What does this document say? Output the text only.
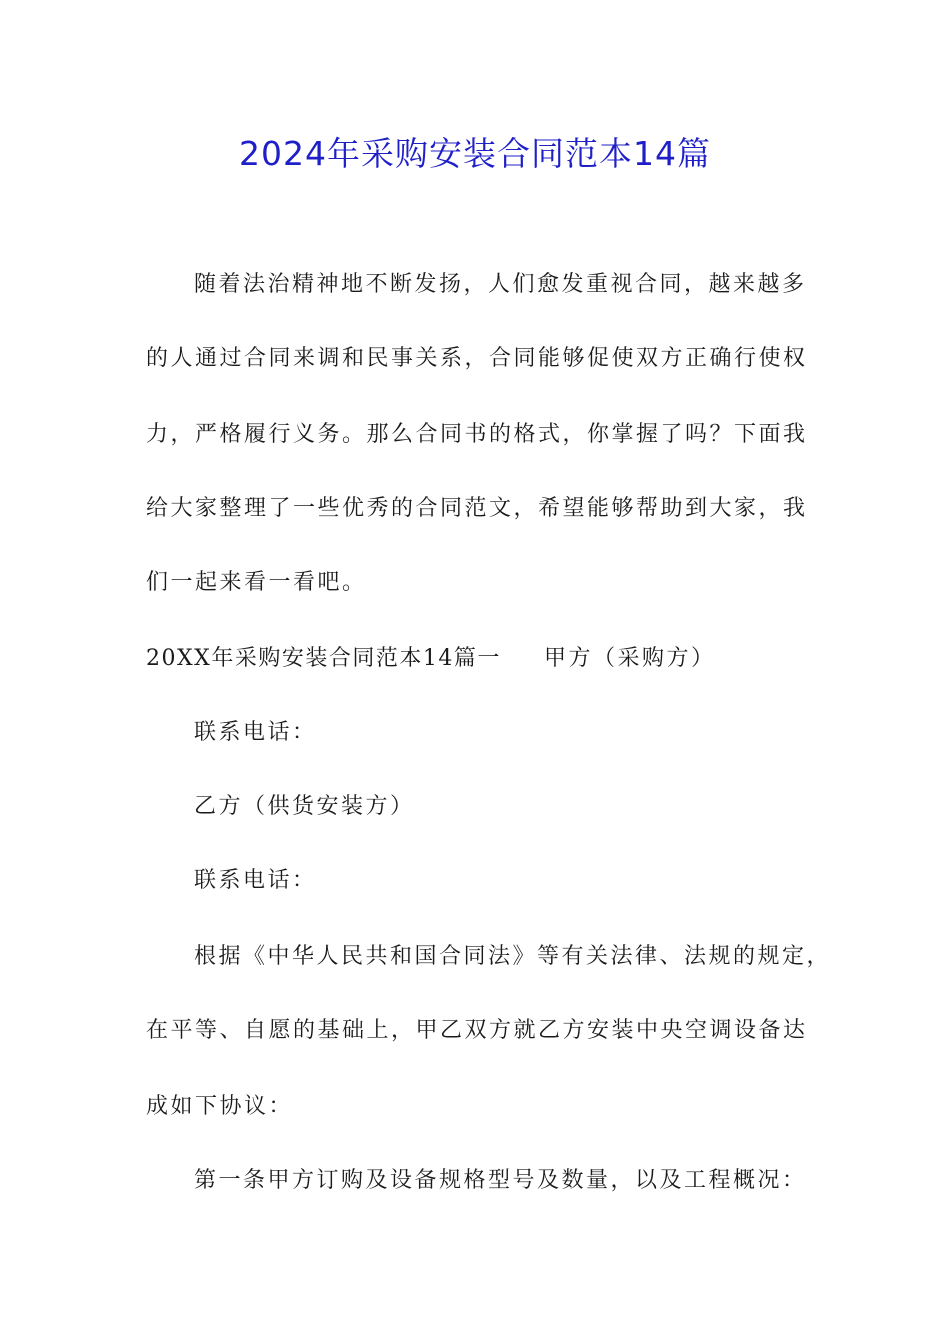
2024年采购安装合同范本14篇

随着法治精神地不断发扬，人们愈发重视合同，越来越多

的人通过合同来调和民事关系，合同能够促使双方正确行使权

力，严格履行义务。那么合同书的格式，你掌握了吗？下面我

给大家整理了一些优秀的合同范文，希望能够帮助到大家，我

们一起来看一看吧。

20XX年采购安装合同范本14篇一 甲方（采购方）

联系电话：

乙方（供货安装方）

联系电话：

根据《中华人民共和国合同法》等有关法律、法规的规定，

在平等、自愿的基础上，甲乙双方就乙方安装中央空调设备达

成如下协议：

第一条甲方订购及设备规格型号及数量，以及工程概况：
